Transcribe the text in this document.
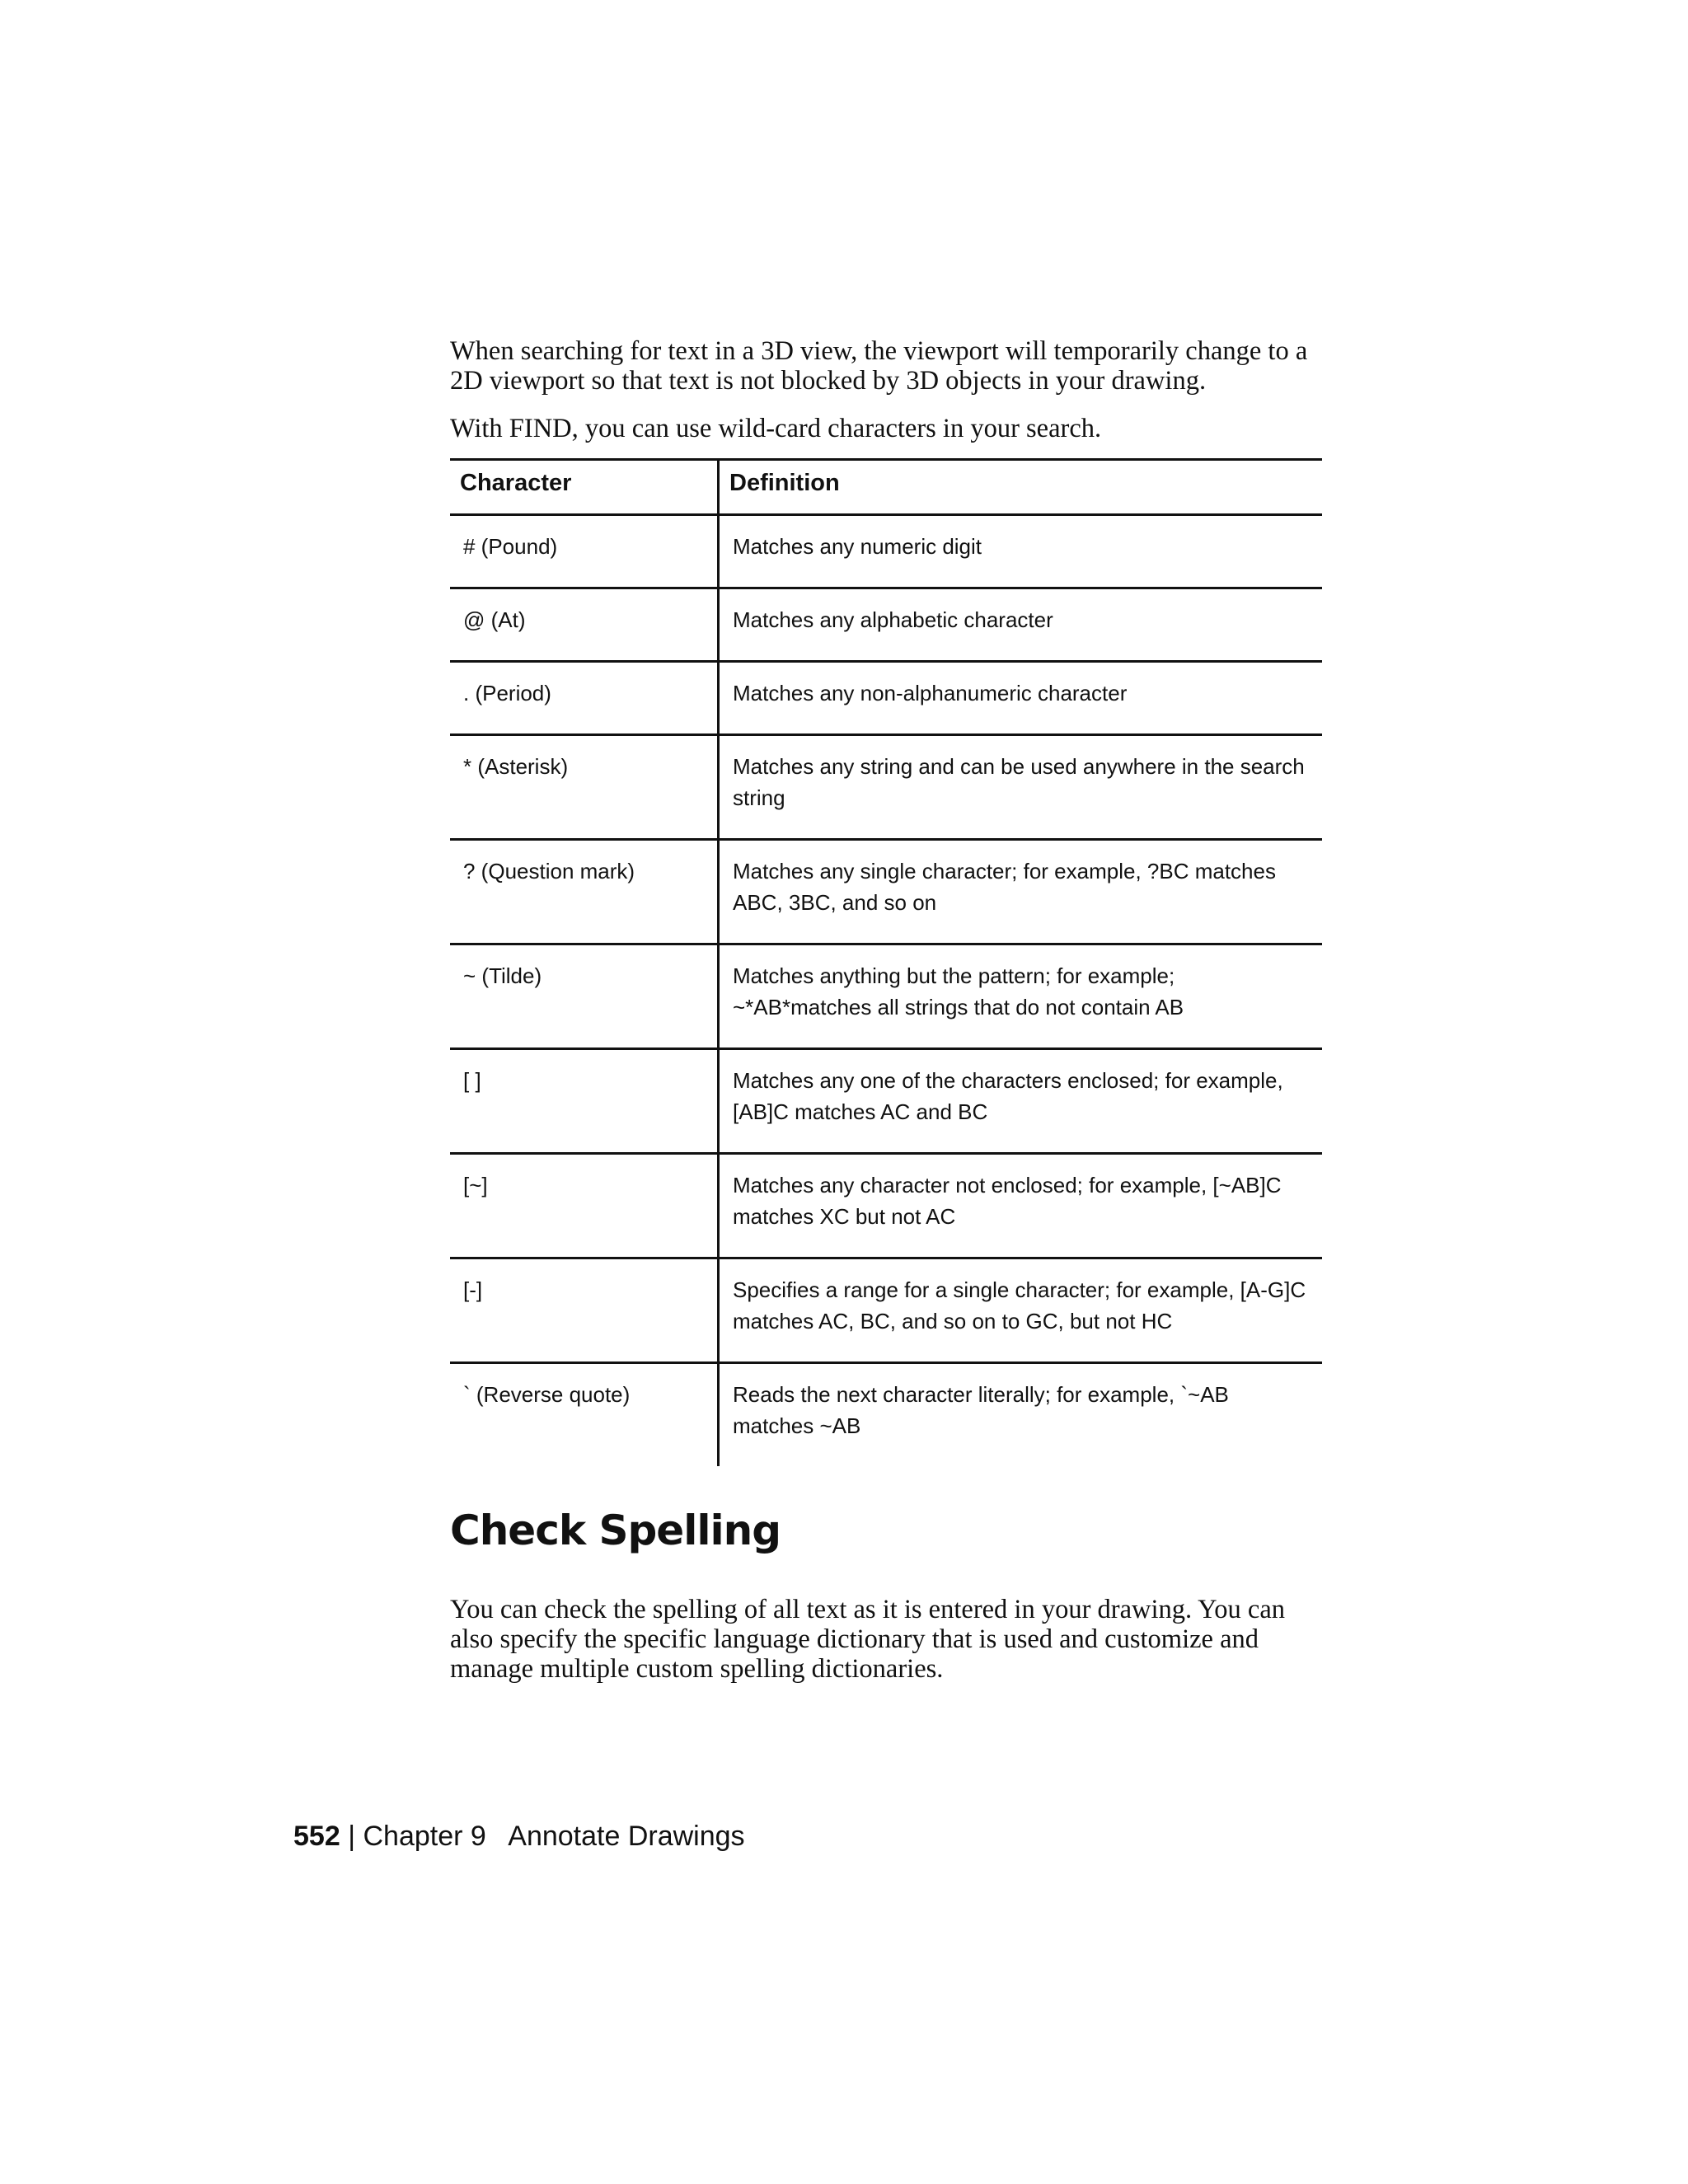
When searching for text in a 3D view, the viewport will temporarily change to a 2D viewport so that text is not blocked by 3D objects in your drawing.

With FIND, you can use wild-card characters in your search.

Character	Definition
# (Pound)	Matches any numeric digit
@ (At)	Matches any alphabetic character
. (Period)	Matches any non-alphanumeric character
* (Asterisk)	Matches any string and can be used anywhere in the search string
? (Question mark)	Matches any single character; for example, ?BC matches ABC, 3BC, and so on
~ (Tilde)	Matches anything but the pattern; for example; ~*AB*matches all strings that do not contain AB
[ ]	Matches any one of the characters enclosed; for example, [AB]C matches AC and BC
[~]	Matches any character not enclosed; for example, [~AB]C matches XC but not AC
[-]	Specifies a range for a single character; for example, [A-G]C matches AC, BC, and so on to GC, but not HC
` (Reverse quote)	Reads the next character literally; for example, `~AB matches ~AB
Check Spelling

You can check the spelling of all text as it is entered in your drawing. You can also specify the specific language dictionary that is used and customize and manage multiple custom spelling dictionaries.

552 | Chapter 9 Annotate Drawings
